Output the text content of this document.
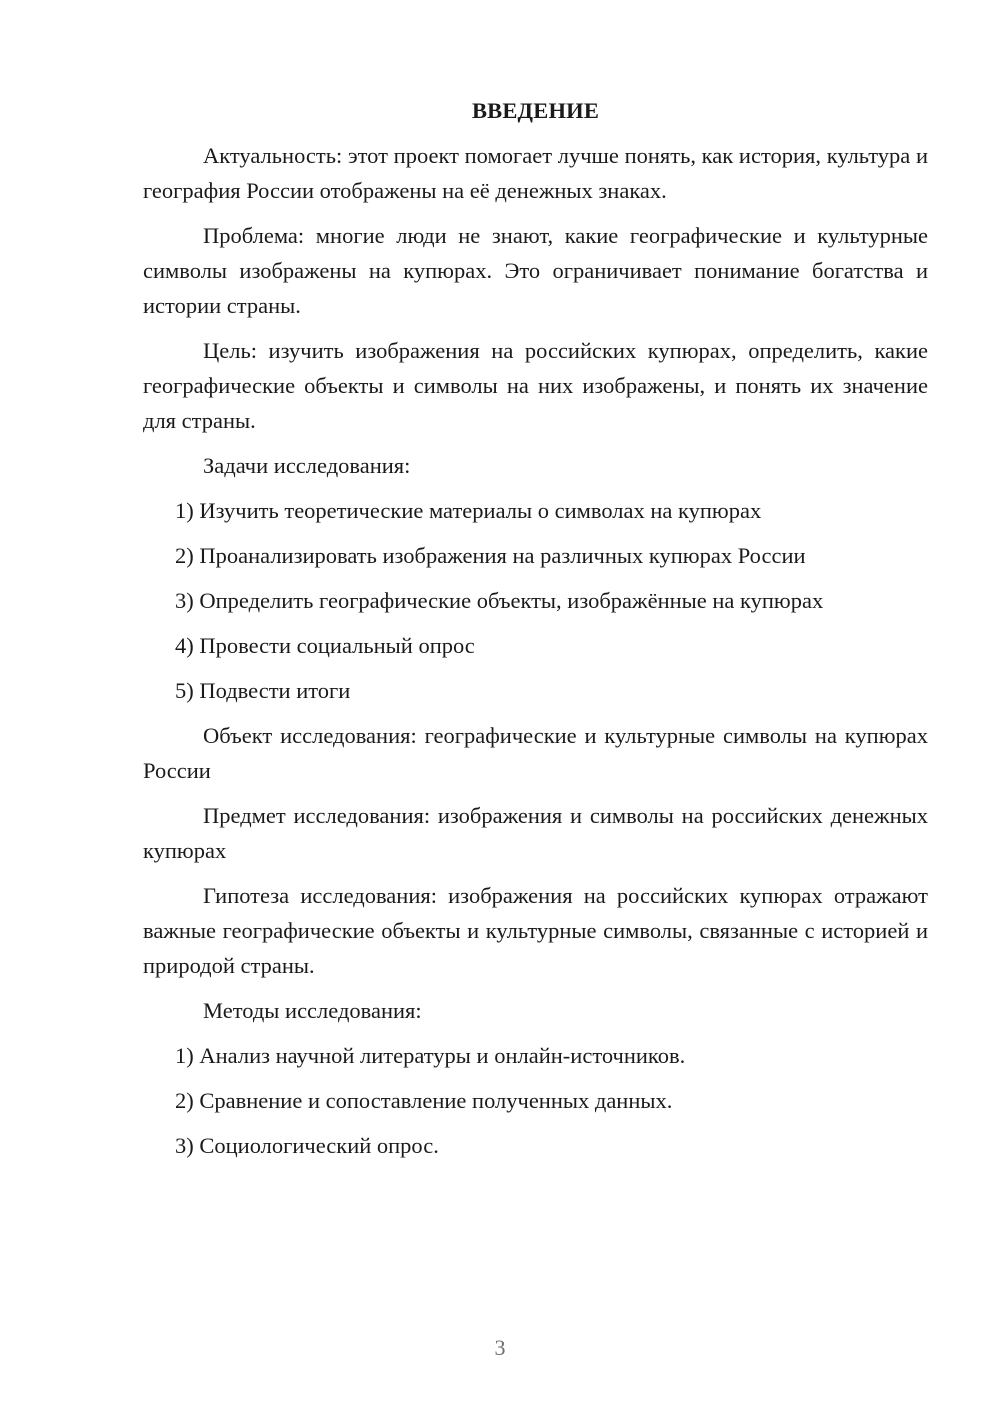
ВВЕДЕНИЕ

Актуальность: этот проект помогает лучше понять, как история, культура и география России отображены на её денежных знаках.

Проблема: многие люди не знают, какие географические и культурные символы изображены на купюрах. Это ограничивает понимание богатства и истории страны.

Цель: изучить изображения на российских купюрах, определить, какие географические объекты и символы на них изображены, и понять их значение для страны.

Задачи исследования:

1) Изучить теоретические материалы о символах на купюрах
2) Проанализировать изображения на различных купюрах России
3) Определить географические объекты, изображённые на купюрах
4) Провести социальный опрос
5) Подвести итоги

Объект исследования: географические и культурные символы на купюрах России

Предмет исследования: изображения и символы на российских денежных купюрах

Гипотеза исследования: изображения на российских купюрах отражают важные географические объекты и культурные символы, связанные с историей и природой страны.

Методы исследования:

1) Анализ научной литературы и онлайн-источников.
2) Сравнение и сопоставление полученных данных.
3) Социологический опрос.
3
